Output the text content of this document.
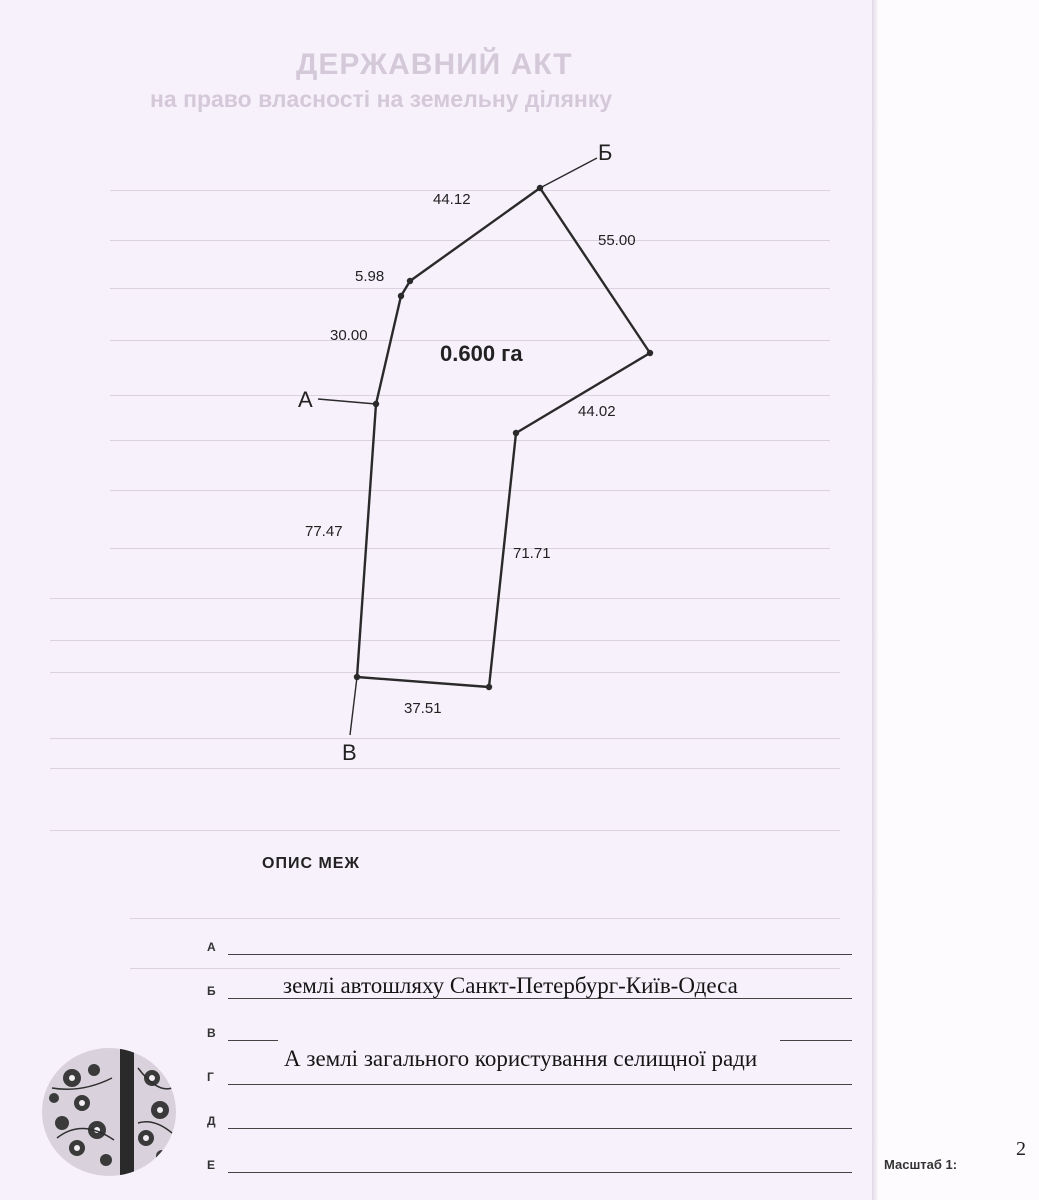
ДЕРЖАВНИЙ АКТ
на право власності на земельну ділянку
Б
А
В
0.600 га
44.12
55.00
5.98
30.00
44.02
77.47
71.71
37.51
ОПИС МЕЖ
А
Б	землі автошляху Санкт-Петербург-Київ-Одеса
В
Г
А землі загального користування селищної ради
Д
Е	Масштаб 1:
2
